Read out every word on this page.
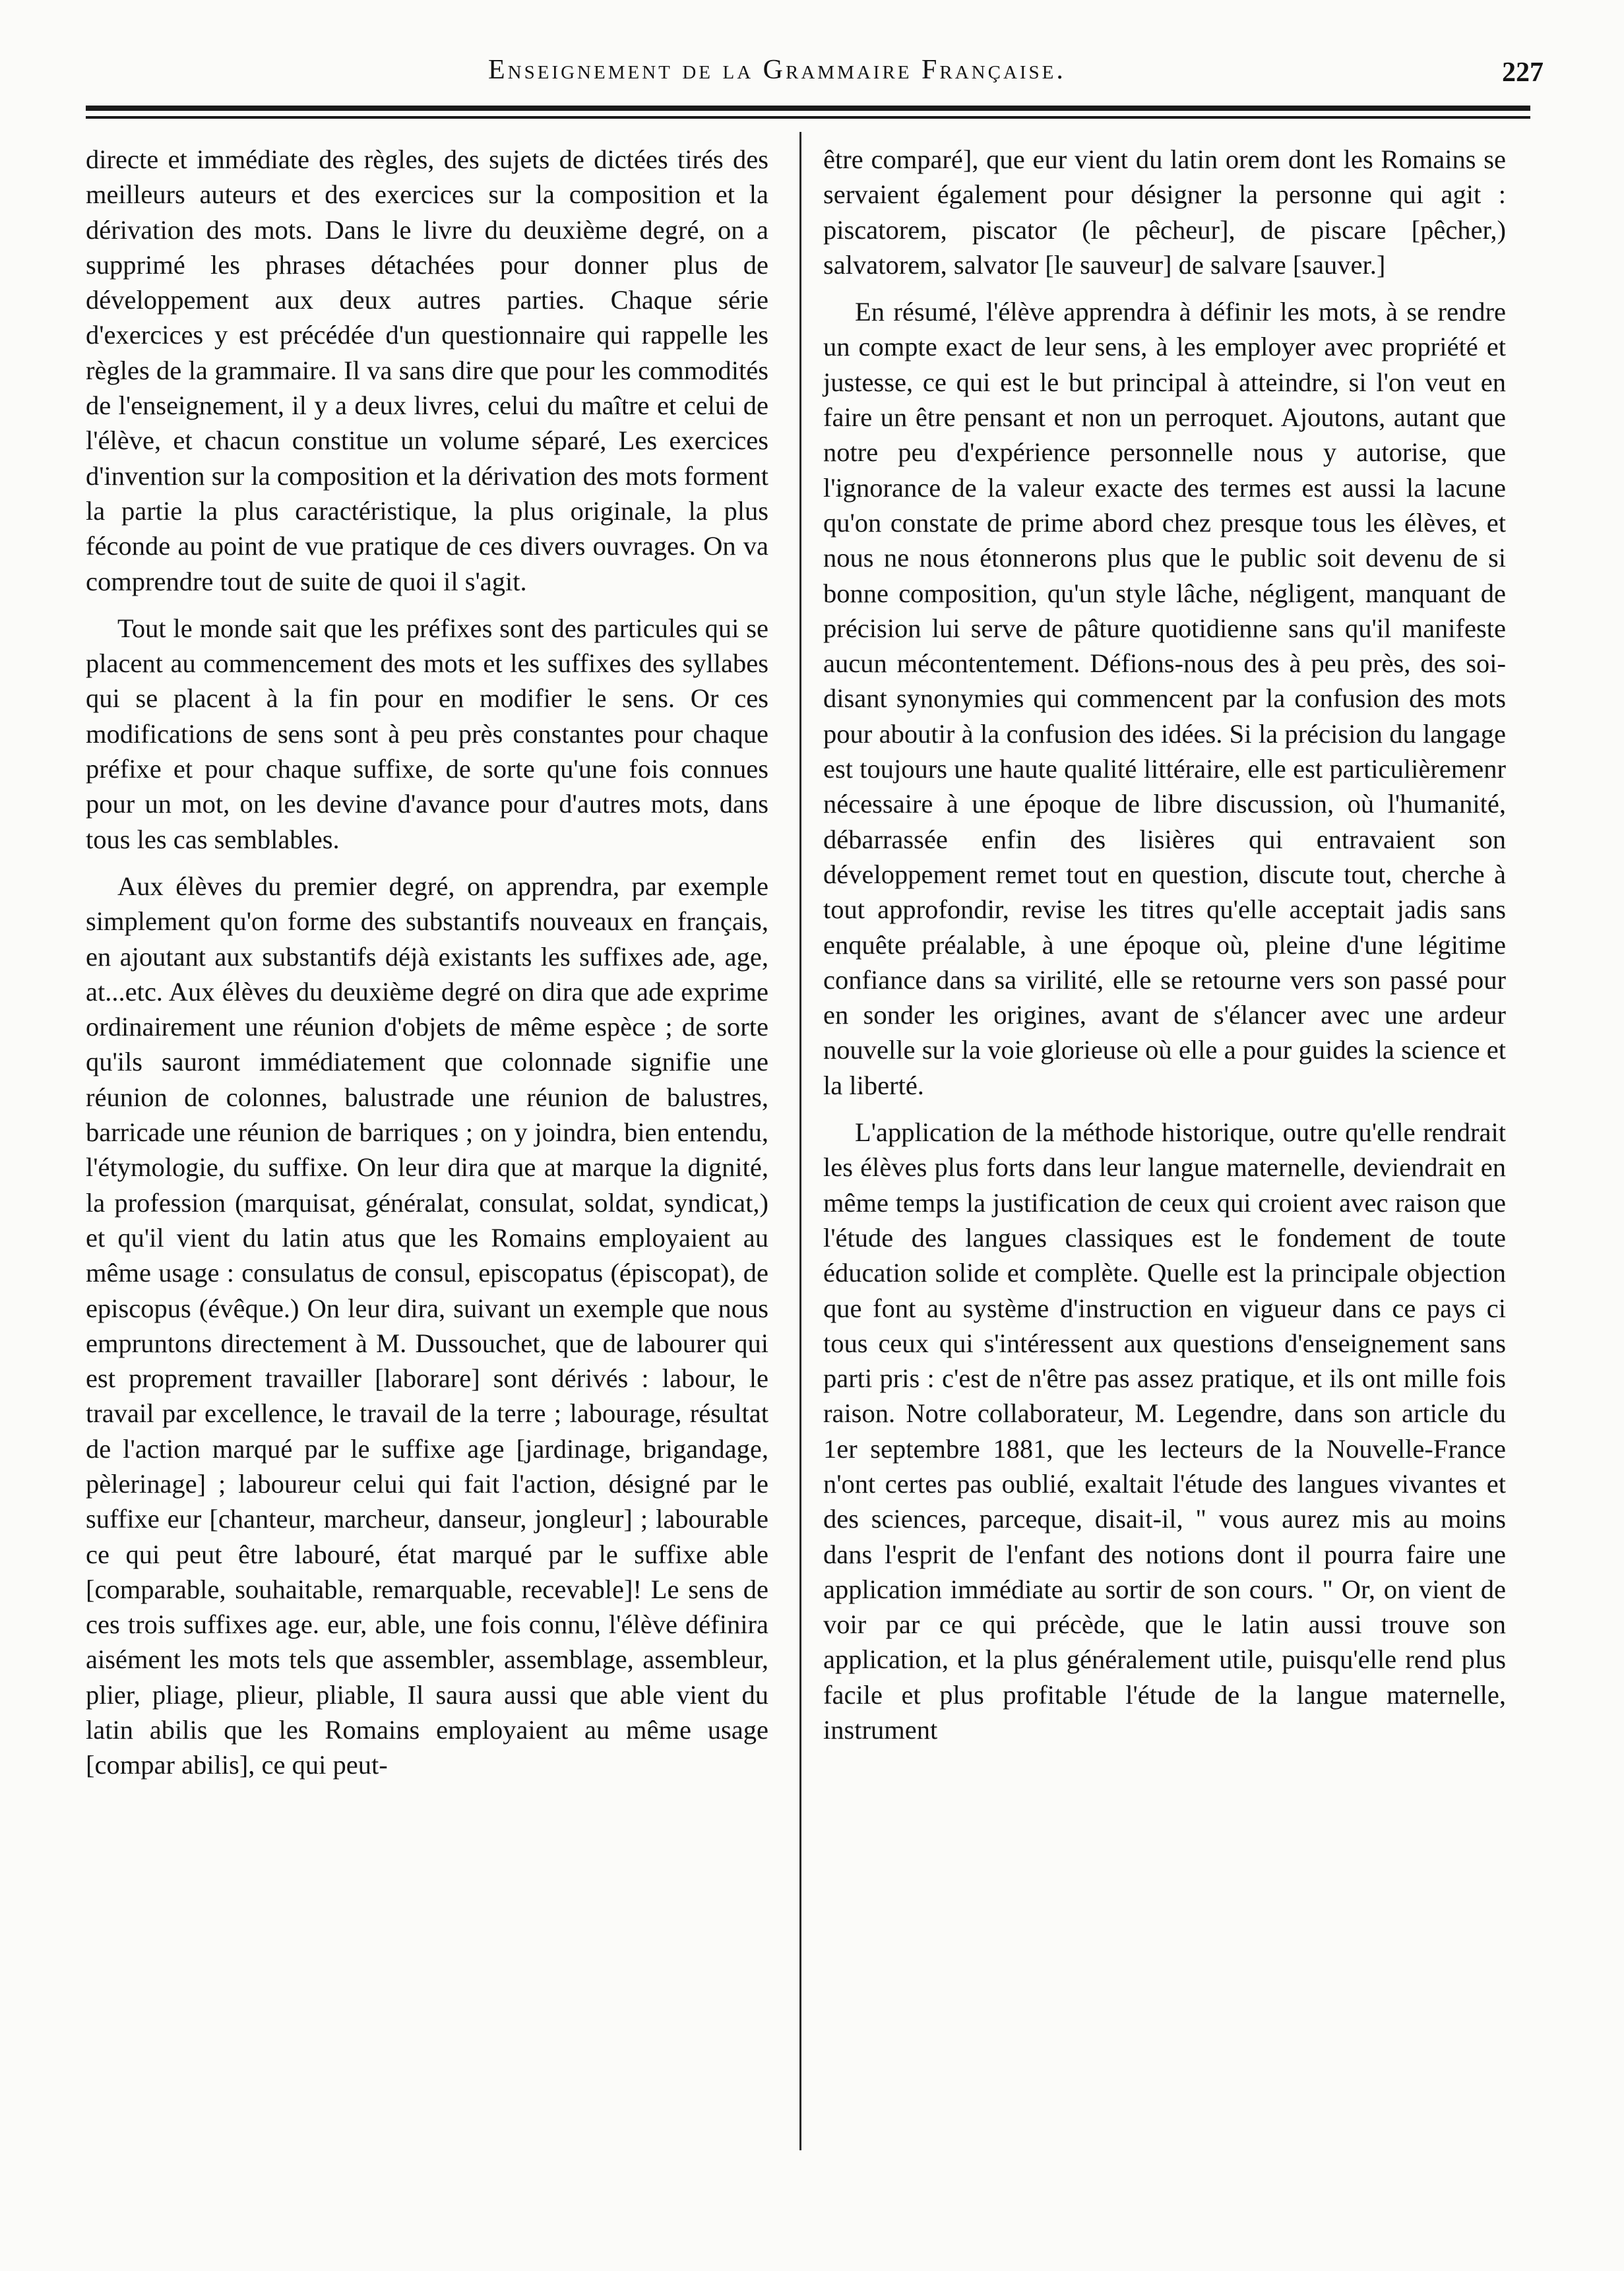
Enseignement de la Grammaire Française.	227

directe et immédiate des règles, des sujets de dictées tirés des meilleurs auteurs et des exercices sur la composition et la dérivation des mots. Dans le livre du deuxième degré, on a supprimé les phrases détachées pour donner plus de développement aux deux autres parties. Chaque série d'exercices y est précédée d'un questionnaire qui rappelle les règles de la grammaire. Il va sans dire que pour les commodités de l'enseignement, il y a deux livres, celui du maître et celui de l'élève, et chacun constitue un volume séparé, Les exercices d'invention sur la composition et la dérivation des mots forment la partie la plus caractéristique, la plus originale, la plus féconde au point de vue pratique de ces divers ouvrages. On va comprendre tout de suite de quoi il s'agit.

Tout le monde sait que les préfixes sont des particules qui se placent au commencement des mots et les suffixes des syllabes qui se placent à la fin pour en modifier le sens. Or ces modifications de sens sont à peu près constantes pour chaque préfixe et pour chaque suffixe, de sorte qu'une fois connues pour un mot, on les devine d'avance pour d'autres mots, dans tous les cas semblables.

Aux élèves du premier degré, on apprendra, par exemple simplement qu'on forme des substantifs nouveaux en français, en ajoutant aux substantifs déjà existants les suffixes ade, age, at...etc. Aux élèves du deuxième degré on dira que ade exprime ordinairement une réunion d'objets de même espèce ; de sorte qu'ils sauront immédiatement que colonnade signifie une réunion de colonnes, balustrade une réunion de balustres, barricade une réunion de barriques ; on y joindra, bien entendu, l'étymologie, du suffixe. On leur dira que at marque la dignité, la profession (marquisat, généralat, consulat, soldat, syndicat,) et qu'il vient du latin atus que les Romains employaient au même usage : consulatus de consul, episcopatus (épiscopat), de episcopus (évêque.) On leur dira, suivant un exemple que nous empruntons directement à M. Dussouchet, que de labourer qui est proprement travailler [laborare] sont dérivés : labour, le travail par excellence, le travail de la terre ; labourage, résultat de l'action marqué par le suffixe age [jardinage, brigandage, pèlerinage] ; laboureur celui qui fait l'action, désigné par le suffixe eur [chanteur, marcheur, danseur, jongleur] ; labourable ce qui peut être labouré, état marqué par le suffixe able [comparable, souhaitable, remarquable, recevable]! Le sens de ces trois suffixes age. eur, able, une fois connu, l'élève définira aisément les mots tels que assembler, assemblage, assembleur, plier, pliage, plieur, pliable, Il saura aussi que able vient du latin abilis que les Romains employaient au même usage [compar abilis], ce qui peut-

être comparé], que eur vient du latin orem dont les Romains se servaient également pour désigner la personne qui agit : piscatorem, piscator (le pêcheur], de piscare [pêcher,) salvatorem, salvator [le sauveur] de salvare [sauver.]

En résumé, l'élève apprendra à définir les mots, à se rendre un compte exact de leur sens, à les employer avec propriété et justesse, ce qui est le but principal à atteindre, si l'on veut en faire un être pensant et non un perroquet. Ajoutons, autant que notre peu d'expérience personnelle nous y autorise, que l'ignorance de la valeur exacte des termes est aussi la lacune qu'on constate de prime abord chez presque tous les élèves, et nous ne nous étonnerons plus que le public soit devenu de si bonne composition, qu'un style lâche, négligent, manquant de précision lui serve de pâture quotidienne sans qu'il manifeste aucun mécontentement. Défions-nous des à peu près, des soi-disant synonymies qui commencent par la confusion des mots pour aboutir à la confusion des idées. Si la précision du langage est toujours une haute qualité littéraire, elle est particulièremenr nécessaire à une époque de libre discussion, où l'humanité, débarrassée enfin des lisières qui entravaient son développement remet tout en question, discute tout, cherche à tout approfondir, revise les titres qu'elle acceptait jadis sans enquête préalable, à une époque où, pleine d'une légitime confiance dans sa virilité, elle se retourne vers son passé pour en sonder les origines, avant de s'élancer avec une ardeur nouvelle sur la voie glorieuse où elle a pour guides la science et la liberté.

L'application de la méthode historique, outre qu'elle rendrait les élèves plus forts dans leur langue maternelle, deviendrait en même temps la justification de ceux qui croient avec raison que l'étude des langues classiques est le fondement de toute éducation solide et complète. Quelle est la principale objection que font au système d'instruction en vigueur dans ce pays ci tous ceux qui s'intéressent aux questions d'enseignement sans parti pris : c'est de n'être pas assez pratique, et ils ont mille fois raison. Notre collaborateur, M. Legendre, dans son article du 1er septembre 1881, que les lecteurs de la Nouvelle-France n'ont certes pas oublié, exaltait l'étude des langues vivantes et des sciences, parceque, disait-il, " vous aurez mis au moins dans l'esprit de l'enfant des notions dont il pourra faire une application immédiate au sortir de son cours. " Or, on vient de voir par ce qui précède, que le latin aussi trouve son application, et la plus généralement utile, puisqu'elle rend plus facile et plus profitable l'étude de la langue maternelle, instrument
